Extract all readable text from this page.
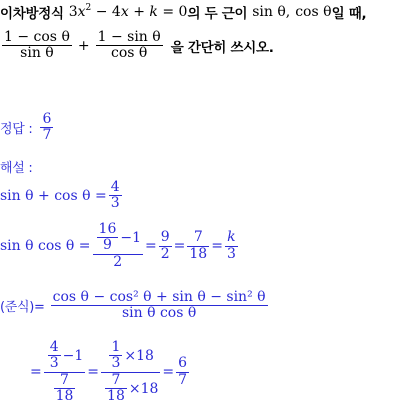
이차방정식 $3x^2 - 4x + k = 0$ 의 두 근이 sin θ , cos θ 일 때,
$\frac{\text{1 − cos θ}}{\text{sin θ}} + \frac{\text{1 − sin θ}}{\text{cos θ}}$ 을 간단히 쓰시오.
정답 : $\frac{6}{7}$
해설 :
$\sin \theta + \cos \theta = \frac{4}{3}$
sin θ $\cos \theta = \frac{\frac{16}{9} -1}{2} = \frac{9}{2} = \frac{7}{18} = \frac{k}{3}$
(준식)= $\frac{\text{cos θ − cos² θ + sin θ − sin² θ}}{\text{sin θ cos θ}}$
= $\frac{\frac{4}{3} -1}{\frac{7}{18}} = \frac{\frac{1}{3} \times 18}{\frac{7}{18} \times 18} = \frac{6}{7}$
